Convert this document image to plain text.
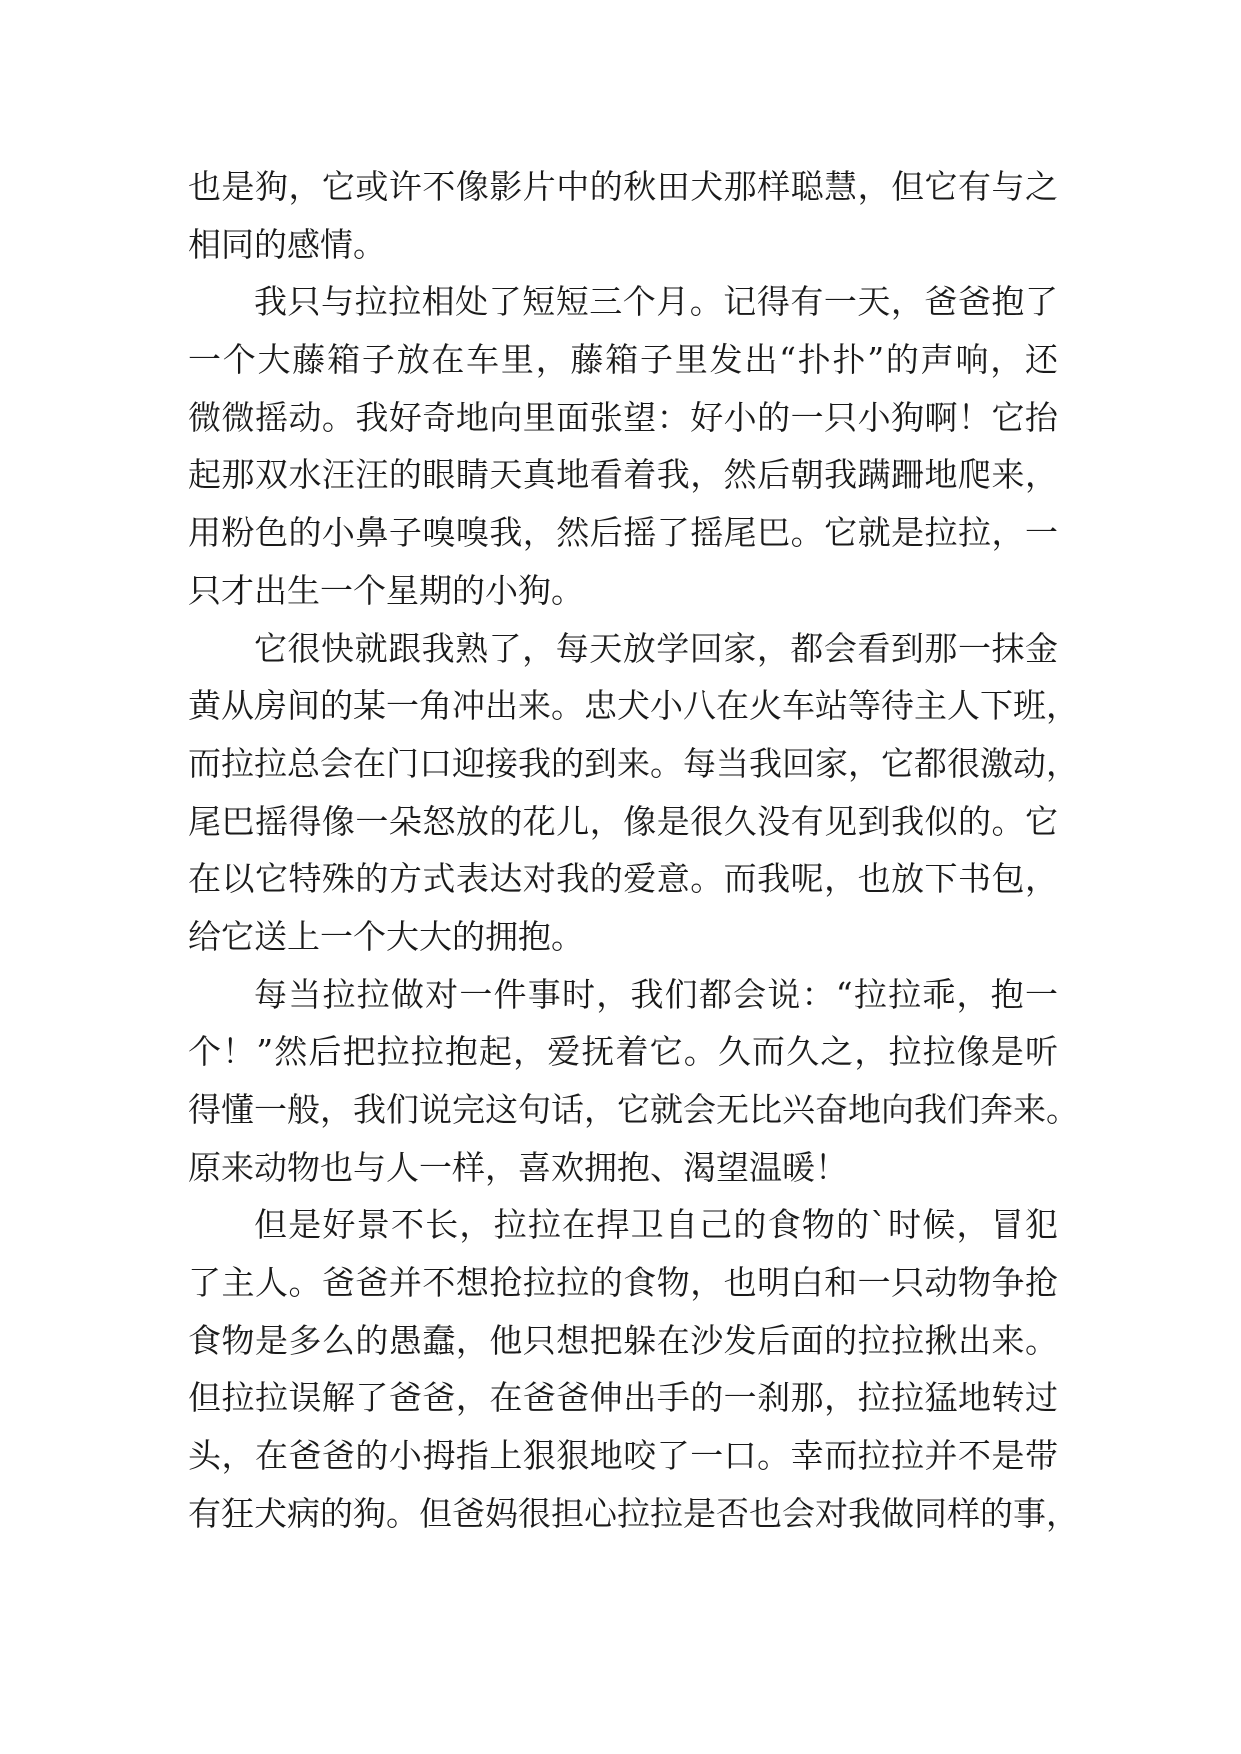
也是狗，它或许不像影片中的秋田犬那样聪慧，但它有与之
相同的感情。
我只与拉拉相处了短短三个月。记得有一天，爸爸抱了
一个大藤箱子放在车里，藤箱子里发出“扑扑”的声响，还
微微摇动。我好奇地向里面张望：好小的一只小狗啊！它抬
起那双水汪汪的眼睛天真地看着我，然后朝我蹒跚地爬来，
用粉色的小鼻子嗅嗅我，然后摇了摇尾巴。它就是拉拉，一
只才出生一个星期的小狗。
它很快就跟我熟了，每天放学回家，都会看到那一抹金
黄从房间的某一角冲出来。忠犬小八在火车站等待主人下班，
而拉拉总会在门口迎接我的到来。每当我回家，它都很激动，
尾巴摇得像一朵怒放的花儿，像是很久没有见到我似的。它
在以它特殊的方式表达对我的爱意。而我呢，也放下书包，
给它送上一个大大的拥抱。
每当拉拉做对一件事时，我们都会说：“拉拉乖，抱一
个！”然后把拉拉抱起，爱抚着它。久而久之，拉拉像是听
得懂一般，我们说完这句话，它就会无比兴奋地向我们奔来。
原来动物也与人一样，喜欢拥抱、渴望温暖！
但是好景不长，拉拉在捍卫自己的食物的`时候，冒犯
了主人。爸爸并不想抢拉拉的食物，也明白和一只动物争抢
食物是多么的愚蠢，他只想把躲在沙发后面的拉拉揪出来。
但拉拉误解了爸爸，在爸爸伸出手的一刹那，拉拉猛地转过
头，在爸爸的小拇指上狠狠地咬了一口。幸而拉拉并不是带
有狂犬病的狗。但爸妈很担心拉拉是否也会对我做同样的事，
